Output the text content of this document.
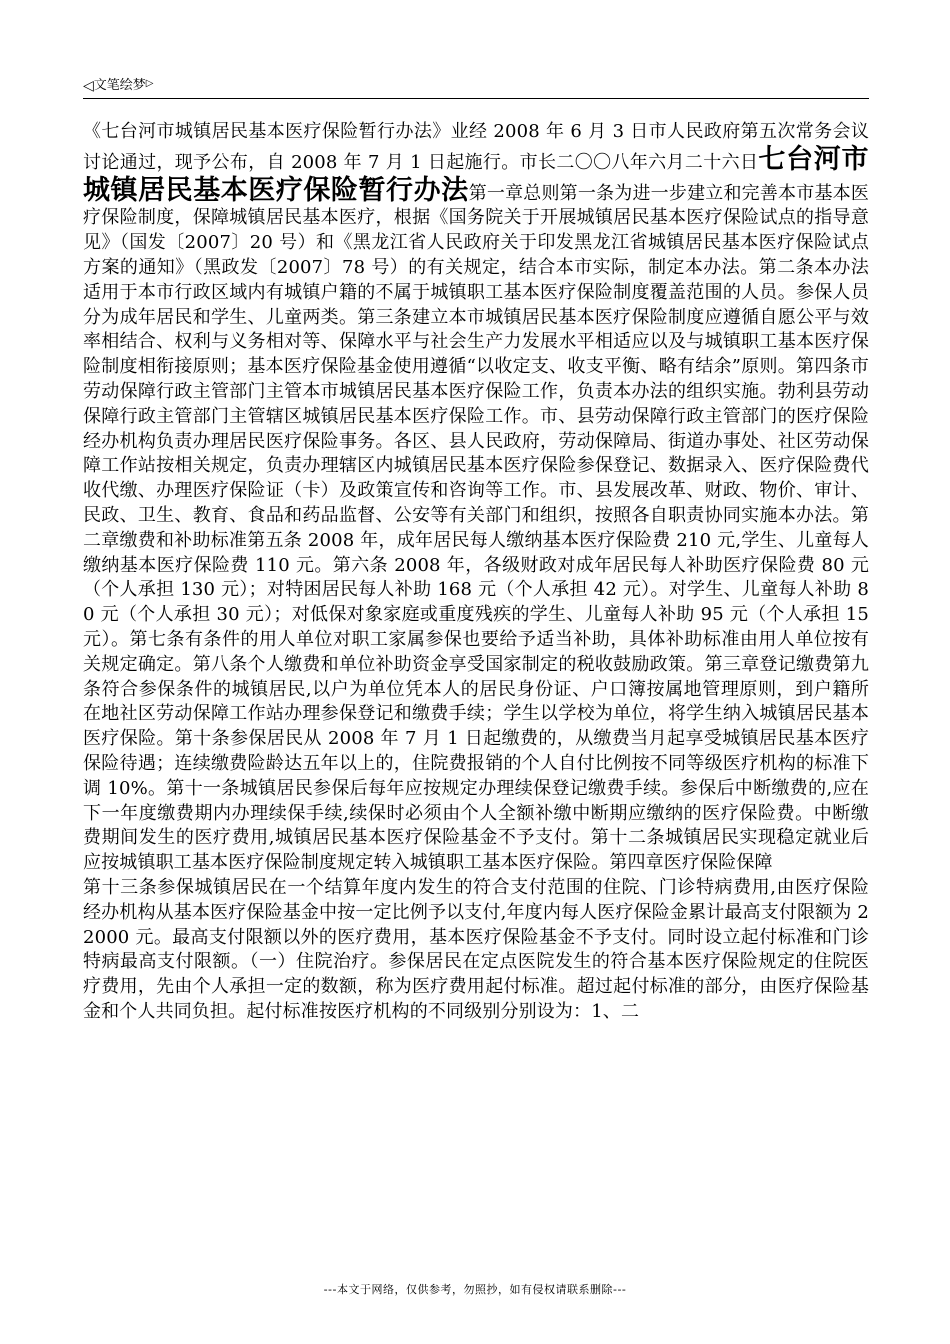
◁文笔绘梦▷

《七台河市城镇居民基本医疗保险暂行办法》业经 2008 年 6 月 3 日市人民政府第五次常务会议讨论通过，现予公布，自 2008 年 7 月 1 日起施行。市长二〇〇八年六月二十六日七台河市城镇居民基本医疗保险暂行办法第一章总则第一条为进一步建立和完善本市基本医疗保险制度，保障城镇居民基本医疗，根据《国务院关于开展城镇居民基本医疗保险试点的指导意见》（国发〔2007〕20 号）和《黑龙江省人民政府关于印发黑龙江省城镇居民基本医疗保险试点方案的通知》（黑政发〔2007〕78 号）的有关规定，结合本市实际，制定本办法。第二条本办法适用于本市行政区域内有城镇户籍的不属于城镇职工基本医疗保险制度覆盖范围的人员。参保人员分为成年居民和学生、儿童两类。第三条建立本市城镇居民基本医疗保险制度应遵循自愿公平与效率相结合、权利与义务相对等、保障水平与社会生产力发展水平相适应以及与城镇职工基本医疗保险制度相衔接原则；基本医疗保险基金使用遵循“以收定支、收支平衡、略有结余”原则。第四条市劳动保障行政主管部门主管本市城镇居民基本医疗保险工作，负责本办法的组织实施。勃利县劳动保障行政主管部门主管辖区城镇居民基本医疗保险工作。市、县劳动保障行政主管部门的医疗保险经办机构负责办理居民医疗保险事务。各区、县人民政府，劳动保障局、街道办事处、社区劳动保障工作站按相关规定，负责办理辖区内城镇居民基本医疗保险参保登记、数据录入、医疗保险费代收代缴、办理医疗保险证（卡）及政策宣传和咨询等工作。市、县发展改革、财政、物价、审计、民政、卫生、教育、食品和药品监督、公安等有关部门和组织，按照各自职责协同实施本办法。第二章缴费和补助标准第五条 2008 年，成年居民每人缴纳基本医疗保险费 210 元,学生、儿童每人缴纳基本医疗保险费 110 元。第六条 2008 年，各级财政对成年居民每人补助医疗保险费 80 元（个人承担 130 元）；对特困居民每人补助 168 元（个人承担 42 元）。对学生、儿童每人补助 80 元（个人承担 30 元）；对低保对象家庭或重度残疾的学生、儿童每人补助 95 元（个人承担 15 元）。第七条有条件的用人单位对职工家属参保也要给予适当补助，具体补助标准由用人单位按有关规定确定。第八条个人缴费和单位补助资金享受国家制定的税收鼓励政策。第三章登记缴费第九条符合参保条件的城镇居民,以户为单位凭本人的居民身份证、户口簿按属地管理原则，到户籍所在地社区劳动保障工作站办理参保登记和缴费手续；学生以学校为单位，将学生纳入城镇居民基本医疗保险。第十条参保居民从 2008 年 7 月 1 日起缴费的，从缴费当月起享受城镇居民基本医疗保险待遇；连续缴费险龄达五年以上的，住院费报销的个人自付比例按不同等级医疗机构的标准下调 10%。第十一条城镇居民参保后每年应按规定办理续保登记缴费手续。参保后中断缴费的,应在下一年度缴费期内办理续保手续,续保时必须由个人全额补缴中断期应缴纳的医疗保险费。中断缴费期间发生的医疗费用,城镇居民基本医疗保险基金不予支付。第十二条城镇居民实现稳定就业后应按城镇职工基本医疗保险制度规定转入城镇职工基本医疗保险。第四章医疗保险保障

第十三条参保城镇居民在一个结算年度内发生的符合支付范围的住院、门诊特病费用,由医疗保险经办机构从基本医疗保险基金中按一定比例予以支付,年度内每人医疗保险金累计最高支付限额为 22000 元。最高支付限额以外的医疗费用，基本医疗保险基金不予支付。同时设立起付标准和门诊特病最高支付限额。（一）住院治疗。参保居民在定点医院发生的符合基本医疗保险规定的住院医疗费用，先由个人承担一定的数额，称为医疗费用起付标准。超过起付标准的部分，由医疗保险基金和个人共同负担。起付标准按医疗机构的不同级别分别设为：1、二

---本文于网络，仅供参考，勿照抄，如有侵权请联系删除---
